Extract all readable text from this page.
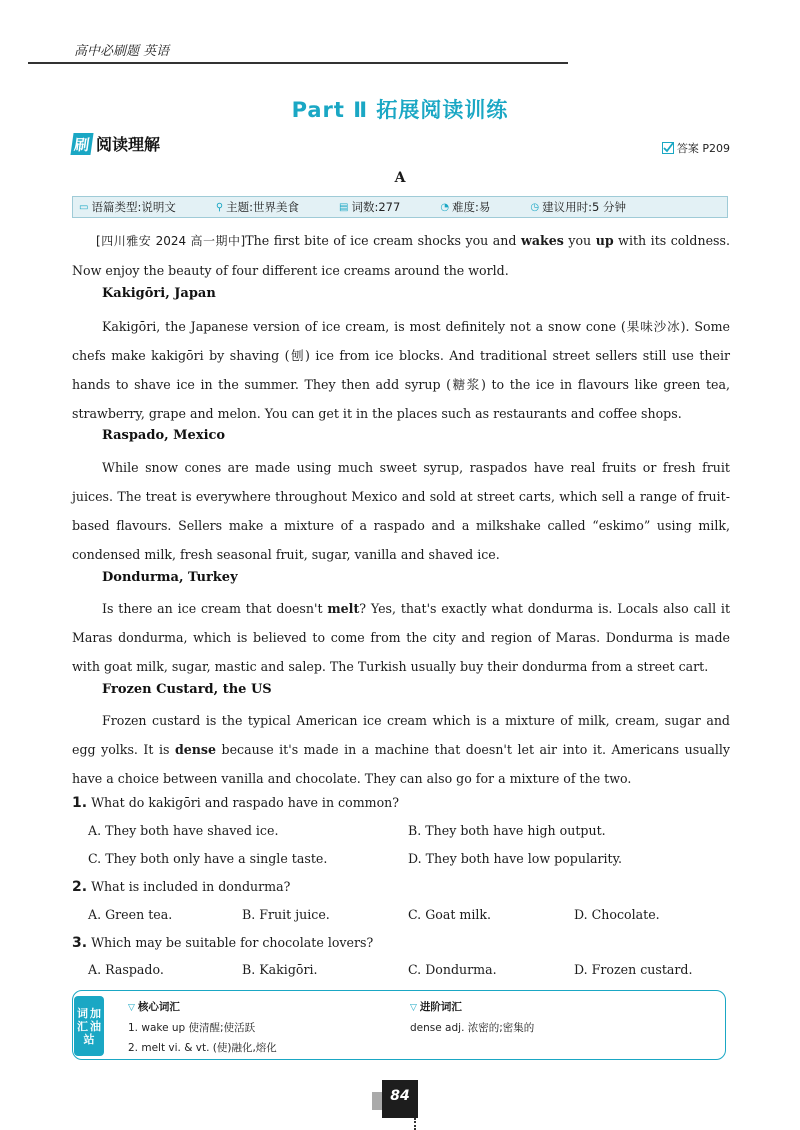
高中必刷题 英语
Part Ⅱ 拓展阅读训练
刷 阅读理解	答案 P209
A
▭ 语篇类型:说明文	⚲ 主题:世界美食	▤ 词数:277	◔ 难度:易	◷ 建议用时:5 分钟
[四川雅安 2024 高一期中]The first bite of ice cream shocks you and wakes you up with its coldness. Now enjoy the beauty of four different ice creams around the world.
Kakigōri, Japan
Kakigōri, the Japanese version of ice cream, is most definitely not a snow cone (果味沙冰). Some chefs make kakigōri by shaving (刨) ice from ice blocks. And traditional street sellers still use their hands to shave ice in the summer. They then add syrup (糖浆) to the ice in flavours like green tea, strawberry, grape and melon. You can get it in the places such as restaurants and coffee shops.
Raspado, Mexico
While snow cones are made using much sweet syrup, raspados have real fruits or fresh fruit juices. The treat is everywhere throughout Mexico and sold at street carts, which sell a range of fruit-based flavours. Sellers make a mixture of a raspado and a milkshake called “eskimo” using milk, condensed milk, fresh seasonal fruit, sugar, vanilla and shaved ice.
Dondurma, Turkey
Is there an ice cream that doesn't melt? Yes, that's exactly what dondurma is. Locals also call it Maras dondurma, which is believed to come from the city and region of Maras. Dondurma is made with goat milk, sugar, mastic and salep. The Turkish usually buy their dondurma from a street cart.
Frozen Custard, the US
Frozen custard is the typical American ice cream which is a mixture of milk, cream, sugar and egg yolks. It is dense because it's made in a machine that doesn't let air into it. Americans usually have a choice between vanilla and chocolate. They can also go for a mixture of the two.
1. What do kakigōri and raspado have in common?
A. They both have shaved ice.	B. They both have high output.
C. They both only have a single taste.	D. They both have low popularity.
2. What is included in dondurma?
A. Green tea.	B. Fruit juice.	C. Goat milk.	D. Chocolate.
3. Which may be suitable for chocolate lovers?
A. Raspado.	B. Kakigōri.	C. Dondurma.	D. Frozen custard.
词 加
汇 油
站
▽ 核心词汇
1. wake up 使清醒;使活跃
2. melt vi. & vt. (使)融化,熔化
▽ 进阶词汇
dense adj. 浓密的;密集的
84
